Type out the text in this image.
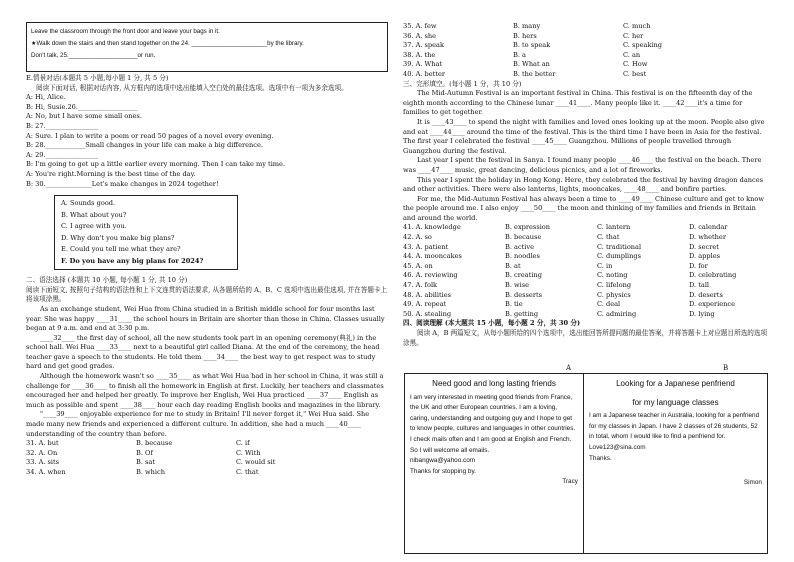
Leave the classroom through the front door and leave your bags in it.
★Walk down the stairs and then stand together on the 24. ______________________by the library.
Don't talk, 25.____________________or run.
E.情景对话(本题共 5 小题,每小题 1 分, 共 5 分)
阅读下面对话, 根据对话内容, 从方框内的选项中选出能填入空白处的最佳选项。选项中有一项为多余选项。
A: Hi, Alice.
B: Hi, Susie.26.__________________
A: No, but I have some small ones.
B: 27.________________
A: Sure. I plan to write a poem or read 50 pages of a novel every evening.
B: 28.____________Small changes in your life can make a big difference.
A: 29.________________
B: I'm going to get up a little earlier every morning. Then I can take my time.
A: You're right.Morning is the best time of the day.
B: 30.______________Let's make changes in 2024 together!
A. Sounds good.
B. What about you?
C. I agree with you.
D. Why don't you make big plans?
E. Could you tell me what they are?
F. Do you have any big plans for 2024?
二、语法选择 (本题共 10 小题, 每小题 1 分, 共 10 分)
阅读下面短文, 按照句子结构的语法性和上下文连贯的语法要求, 从各题所给的 A、B、C 选项中选出最佳选项, 并在答题卡上将该项涂黑。
As an exchange student, Wei Hua from China studied in a British middle school for four months last year. She was happy ____31____ the school hours in Britain are shorter than those in China. Classes usually began at 9 a.m. and end at 3:30 p.m.
____32____ the first day of school, all the new students took part in an opening ceremony(典礼) in the school hall. Wei Hua ____33____ next to a beautiful girl called Diana. At the end of the ceremony, the head teacher gave a speech to the students. He told them ____34____ the best way to get respect was to study hard and get good grades.
Although the homework wasn't so ____35____ as what Wei Hua had in her school in China, it was still a challenge for ____36____ to finish all the homework in English at first. Luckily, her teachers and classmates encouraged her and helped her greatly. To improve her English, Wei Hua practiced ____37____ English as much as possible and spent ____38____ hour each day reading English books and magazines in the library.
"____39____ enjoyable experience for me to study in Britain! I'll never forget it," Wei Hua said. She made many new friends and experienced a different culture. In addition, she had a much ____40____ understanding of the country than before.
31. A. but	B. because	C. if
32. A. On	B. Of	C. With
33. A. sits	B. sat	C. would sit
34. A. when	B. which	C. that
35. A. few	B. many	C. much
36. A. she	B. hers	C. her
37. A. speak	B. to speak	C. speaking
38. A. the	B. a	C. an
39. A. What	B. What an	C. How
40. A. better	B. the better	C. best
三、完形填空。(每小题 1 分，共 10 分)
The Mid-Autumn Festival is an important festival in China. This festival is on the fifteenth day of the eighth month according to the Chinese lunar ____41____. Many people like it. ____42____it's a time for families to get together.
It is ____43____ to spend the night with families and loved ones looking up at the moon. People also give and eat ____44____ around the time of the festival. This is the third time I have been in Asia for the festival. The first year I celebrated the festival ____45____ Guangzhou. Millions of people travelled through Guangzhou during the festival.
Last year I spent the festival in Sanya. I found many people ____46____ the festival on the beach. There was ____47____ music, great dancing, delicious picnics, and a lot of fireworks.
This year I spent the holiday in Hong Kong. Here, they celebrated the festival by having dragon dances and other activities. There were also lanterns, lights, mooncakes, ____48____ and bonfire parties.
For me, the Mid-Autumn Festival has always been a time to ____49____ Chinese culture and get to know the people around me. I also enjoy ____50____ the moon and thinking of my families and friends in Britain and around the world.
41. A. knowledge	B. expression	C. lantern	D. calendar
42. A. so	B. because	C. that	D. whether
43. A. patient	B. active	C. traditional	D. secret
44. A. mooncakes	B. noodles	C. dumplings	D. apples
45. A. on	B. at	C. in	D. for
46. A. reviewing	B. creating	C. noting	D. celebrating
47. A. folk	B. wise	C. lifelong	D. tall
48. A. abilities	B. desserts	C. physics	D. deserts
49. A. repeat	B. tie	C. deal	D. experience
50. A. stealing	B. getting	C. admiring	D. lying
四、阅读理解 (本大题共 15 小题，每小题 2 分，共 30 分)
阅读 A，B 两篇短文，从每小题所给的四个选项中，选出能回答所提问题的最佳答案，并将答题卡上对应题目所选的选项涂黑。
A	B
Need good and long lasting friends
I am very interested in meeting good friends from France, the UK and other European countries. I am a loving, caring, understanding and outgoing guy and I hope to get to know people, cultures and languages in other countries. I check mails often and I am good at English and French. So I will welcome all emails.
nibangwa@yahoo.com
Thanks for stopping by.
Tracy
Looking for a Japanese penfriend
for my language classes
I am a Japanese teacher in Australia, looking for a penfriend for my classes in Japan. I have 2 classes of 26 students, 52 in total, whom I would like to find a penfriend for.
Love123@sina.com
Thanks.
Simon
